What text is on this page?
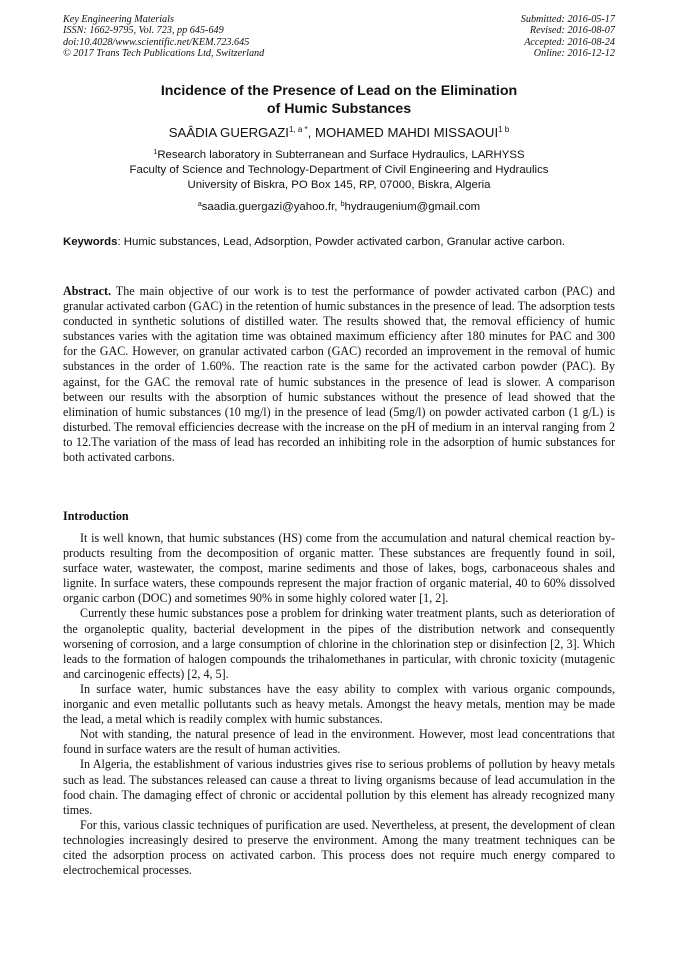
Key Engineering Materials
ISSN: 1662-9795, Vol. 723, pp 645-649
doi:10.4028/www.scientific.net/KEM.723.645
© 2017 Trans Tech Publications Ltd, Switzerland
Submitted: 2016-05-17
Revised: 2016-08-07
Accepted: 2016-08-24
Online: 2016-12-12
Incidence of the Presence of Lead on the Elimination
of Humic Substances
SAÂDIA $GUERGAZI^{1, a *}$, MOHAMED MAHDI $MISSAOUI^{1 b}$
$^1$Research laboratory in Subterranean and Surface Hydraulics, LARHYSS
Faculty of Science and Technology-Department of Civil Engineering and Hydraulics
University of Biskra, PO Box 145, RP, 07000, Biskra, Algeria
$^a$saadia.guergazi@yahoo.fr, $^b$hydraugenium@gmail.com
Keywords: Humic substances, Lead, Adsorption, Powder activated carbon, Granular active carbon.
Abstract. The main objective of our work is to test the performance of powder activated carbon (PAC) and granular activated carbon (GAC) in the retention of humic substances in the presence of lead. The adsorption tests conducted in synthetic solutions of distilled water. The results showed that, the removal efficiency of humic substances varies with the agitation time was obtained maximum efficiency after 180 minutes for PAC and 300 for the GAC. However, on granular activated carbon (GAC) recorded an improvement in the removal of humic substances in the order of 1.60%. The reaction rate is the same for the activated carbon powder (PAC). By against, for the GAC the removal rate of humic substances in the presence of lead is slower. A comparison between our results with the absorption of humic substances without the presence of lead showed that the elimination of humic substances (10 mg/l) in the presence of lead (5mg/l) on powder activated carbon (1 g/L) is disturbed. The removal efficiencies decrease with the increase on the pH of medium in an interval ranging from 2 to 12.The variation of the mass of lead has recorded an inhibiting role in the adsorption of humic substances for both activated carbons.
Introduction

It is well known, that humic substances (HS) come from the accumulation and natural chemical reaction by-products resulting from the decomposition of organic matter. These substances are frequently found in soil, surface water, wastewater, the compost, marine sediments and those of lakes, bogs, carbonaceous shales and lignite. In surface waters, these compounds represent the major fraction of organic material, 40 to 60% dissolved organic carbon (DOC) and sometimes 90% in some highly colored water [1, 2].

Currently these humic substances pose a problem for drinking water treatment plants, such as deterioration of the organoleptic quality, bacterial development in the pipes of the distribution network and consequently worsening of corrosion, and a large consumption of chlorine in the chlorination step or disinfection [2, 3]. Which leads to the formation of halogen compounds the trihalomethanes in particular, with chronic toxicity (mutagenic and carcinogenic effects) [2, 4, 5].

In surface water, humic substances have the easy ability to complex with various organic compounds, inorganic and even metallic pollutants such as heavy metals. Amongst the heavy metals, mention may be made the lead, a metal which is readily complex with humic substances.

Not with standing, the natural presence of lead in the environment. However, most lead concentrations that found in surface waters are the result of human activities.

In Algeria, the establishment of various industries gives rise to serious problems of pollution by heavy metals such as lead. The substances released can cause a threat to living organisms because of lead accumulation in the food chain. The damaging effect of chronic or accidental pollution by this element has already recognized many times.

For this, various classic techniques of purification are used. Nevertheless, at present, the development of clean technologies increasingly desired to preserve the environment. Among the many treatment techniques can be cited the adsorption process on activated carbon. This process does not require much energy compared to electrochemical processes.
